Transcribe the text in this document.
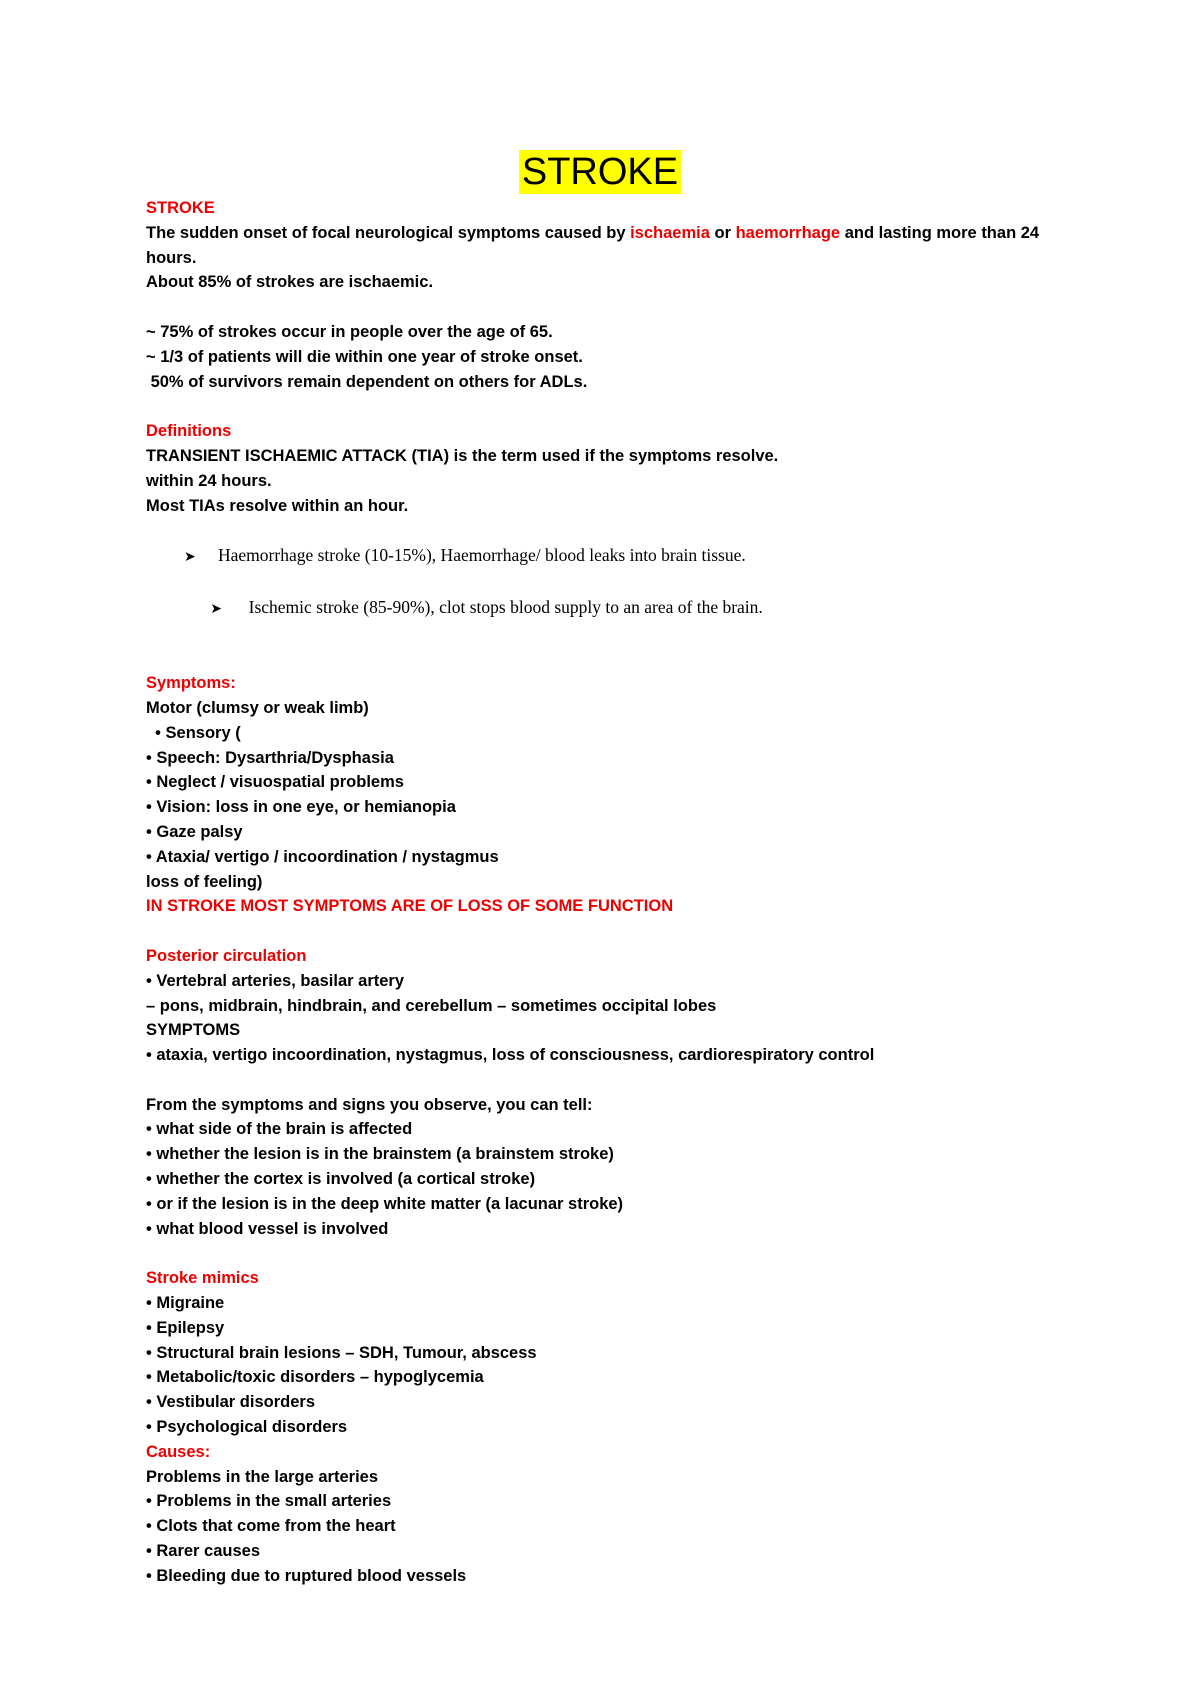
STROKE
STROKE
The sudden onset of focal neurological symptoms caused by ischaemia or haemorrhage and lasting more than 24 hours.
About 85% of strokes are ischaemic.
~ 75% of strokes occur in people over the age of 65.
~ 1/3 of patients will die within one year of stroke onset.
50% of survivors remain dependent on others for ADLs.
Definitions
TRANSIENT ISCHAEMIC ATTACK (TIA) is the term used if the symptoms resolve.
within 24 hours.
Most TIAs resolve within an hour.
➤ Haemorrhage stroke (10-15%), Haemorrhage/ blood leaks into brain tissue.

➤ Ischemic stroke (85-90%), clot stops blood supply to an area of the brain.

Symptoms:
Motor (clumsy or weak limb)
• Sensory (
• Speech: Dysarthria/Dysphasia
• Neglect / visuospatial problems
• Vision: loss in one eye, or hemianopia
• Gaze palsy
• Ataxia/ vertigo / incoordination / nystagmus
loss of feeling)
IN STROKE MOST SYMPTOMS ARE OF LOSS OF SOME FUNCTION
Posterior circulation
• Vertebral arteries, basilar artery
– pons, midbrain, hindbrain, and cerebellum – sometimes occipital lobes
SYMPTOMS
• ataxia, vertigo incoordination, nystagmus, loss of consciousness, cardiorespiratory control
From the symptoms and signs you observe, you can tell:
• what side of the brain is affected
• whether the lesion is in the brainstem (a brainstem stroke)
• whether the cortex is involved (a cortical stroke)
• or if the lesion is in the deep white matter (a lacunar stroke)
• what blood vessel is involved
Stroke mimics
• Migraine
• Epilepsy
• Structural brain lesions – SDH, Tumour, abscess
• Metabolic/toxic disorders – hypoglycemia
• Vestibular disorders
• Psychological disorders
Causes:
Problems in the large arteries
• Problems in the small arteries
• Clots that come from the heart
• Rarer causes
• Bleeding due to ruptured blood vessels
